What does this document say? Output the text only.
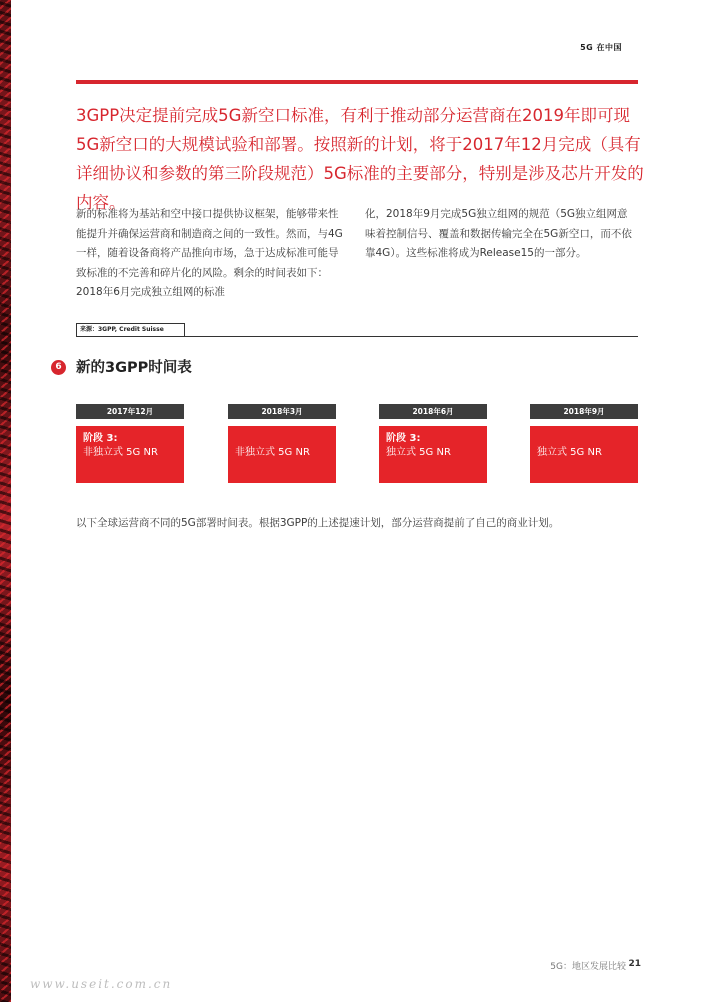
5G 在中国
3GPP决定提前完成5G新空口标准，有利于推动部分运营商在2019年即可现5G新空口的大规模试验和部署。按照新的计划，将于2017年12月完成（具有详细协议和参数的第三阶段规范）5G标准的主要部分，特别是涉及芯片开发的内容。
新的标准将为基站和空中接口提供协议框架，能够带来性能提升并确保运营商和制造商之间的一致性。然而，与4G一样，随着设备商将产品推向市场，急于达成标准可能导致标准的不完善和碎片化的风险。剩余的时间表如下：2018年6月完成独立组网的标准
化，2018年9月完成5G独立组网的规范（5G独立组网意味着控制信号、覆盖和数据传输完全在5G新空口，而不依靠4G）。这些标准将成为Release15的一部分。
来源：3GPP, Credit Suisse
6 新的3GPP时间表
2017年12月
阶段 3:
非独立式 5G NR
2018年3月
非独立式 5G NR
2018年6月
阶段 3:
独立式 5G NR
2018年9月
独立式 5G NR
以下全球运营商不同的5G部署时间表。根据3GPP的上述提速计划，部分运营商提前了自己的商业计划。
5G：地区发展比较 21
www.useit.com.cn
